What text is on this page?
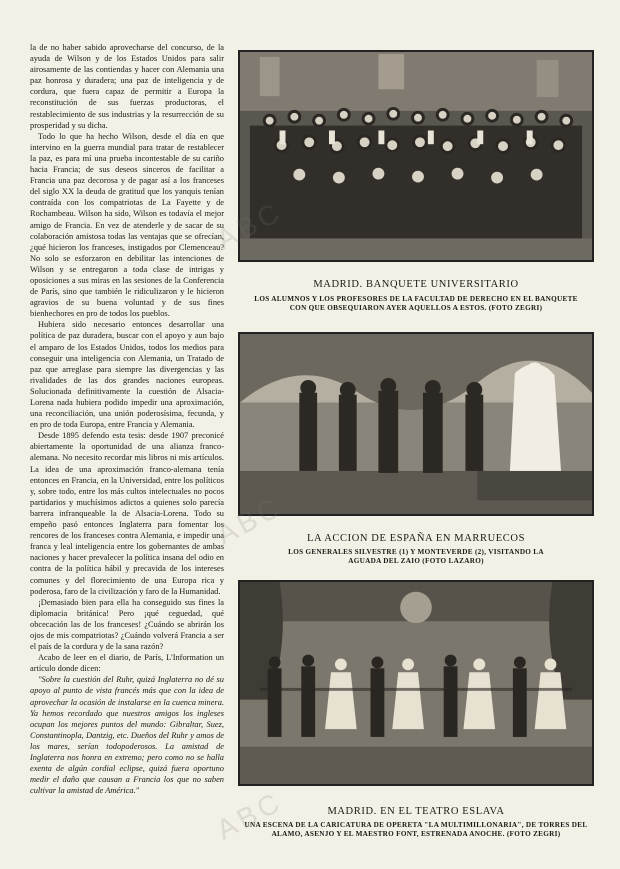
la de no haber sabido aprovecharse del concurso, de la ayuda de Wilson y de los Estados Unidos para salir airosamente de las contiendas y hacer con Alemania una paz honrosa y duradera; una paz de inteligencia y de cordura, que fuera capaz de permitir a Europa la reconstitución de sus fuerzas productoras, el restablecimiento de sus industrias y la resurrección de su prosperidad y su dicha.

Todo lo que ha hecho Wilson, desde el día en que intervino en la guerra mundial para tratar de restablecer la paz, es para mí una prueba incontestable de su cariño hacia Francia; de sus deseos sinceros de facilitar a Francia una paz decorosa y de pagar así a los franceses del siglo XX la deuda de gratitud que los yanquis tenían contraída con los compatriotas de La Fayette y de Rochambeau. Wilson ha sido, Wilson es todavía el mejor amigo de Francia. En vez de atenderle y de sacar de su colaboración amistosa todas las ventajas que se ofrecían, ¿qué hicieron los franceses, instigados por Clemenceau? No solo se esforzaron en debilitar las intenciones de Wilson y se entregaron a toda clase de intrigas y oposiciones a sus miras en las sesiones de la Conferencia de París, sino que también le ridiculizaron y le hicieron agravios de su buena voluntad y de sus fines bienhechores en pro de todos los pueblos.

Hubiera sido necesario entonces desarrollar una política de paz duradera, buscar con el apoyo y aun bajo el amparo de los Estados Unidos, todos los medios para conseguir una inteligencia con Alemania, un Tratado de paz que arreglase para siempre las divergencias y las rivalidades de las dos grandes naciones europeas. Solucionada definitivamente la cuestión de Alsacia-Lorena nada hubiera podido impedir una aproximación, una reconciliación, una unión poderosísima, fecunda, y en pro de toda Europa, entre Francia y Alemania.

Desde 1895 defendo esta tesis: desde 1907 preconicé abiertamente la oportunidad de una alianza franco-alemana. No necesito recordar mis libros ni mis artículos. La idea de una aproximación franco-alemana tenía entonces en Francia, en la Universidad, entre los políticos y, sobre todo, entre los más cultos intelectuales no pocos partidarios y muchísimos adictos a quienes solo parecía barrera infranqueable la de Alsacia-Lorena. Todo su empeño pasó entonces Inglaterra para fomentar los rencores de los franceses contra Alemania, e impedir una franca y leal inteligencia entre los gobernantes de ambas naciones y hacer prevalecer la política insana del odio en contra de la política hábil y precavida de los intereses comunes y del florecimiento de una Europa rica y poderosa, faro de la civilización y faro de la Humanidad.

¡Demasiado bien para ella ha conseguido sus fines la diplomacia británica! Pero ¡qué ceguedad, qué obcecación las de los franceses! ¿Cuándo se abrirán los ojos de mis compatriotas? ¿Cuándo volverá Francia a ser el país de la cordura y de la sana razón?

Acabo de leer en el diario, de París, L'Information un artículo donde dicen:

"Sobre la cuestión del Ruhr, quizá Inglaterra no dé su apoyo al punto de vista francés más que con la idea de aprovechar la ocasión de instalarse en la cuenca minera. Ya hemos recordado que nuestros amigos los ingleses ocupan los mejores puntos del mundo: Gibraltar, Suez, Constantinopla, Dantzig, etc. Dueños del Ruhr y amos de los mares, serían todopoderosos. La amistad de Inglaterra nos honra en extremo; pero como no se halla exenta de algún cordial eclipse, quizá fuera oportuno medir el daño que causan a Francia los que no saben cultivar la amistad de América."

MADRID. BANQUETE UNIVERSITARIO
LOS ALUMNOS Y LOS PROFESORES DE LA FACULTAD DE DERECHO EN EL BANQUETE CON QUE OBSEQUIARON AYER AQUELLOS A ESTOS. (FOTO ZEGRI)
LA ACCION DE ESPAÑA EN MARRUECOS
LOS GENERALES SILVESTRE (1) Y MONTEVERDE (2), VISITANDO LA AGUADA DEL ZAIO (FOTO LAZARO)
MADRID. EN EL TEATRO ESLAVA
UNA ESCENA DE LA CARICATURA DE OPERETA "LA MULTIMILLONARIA", DE TORRES DEL ALAMO, ASENJO Y EL MAESTRO FONT, ESTRENADA ANOCHE. (FOTO ZEGRI)
ABC
ABC
